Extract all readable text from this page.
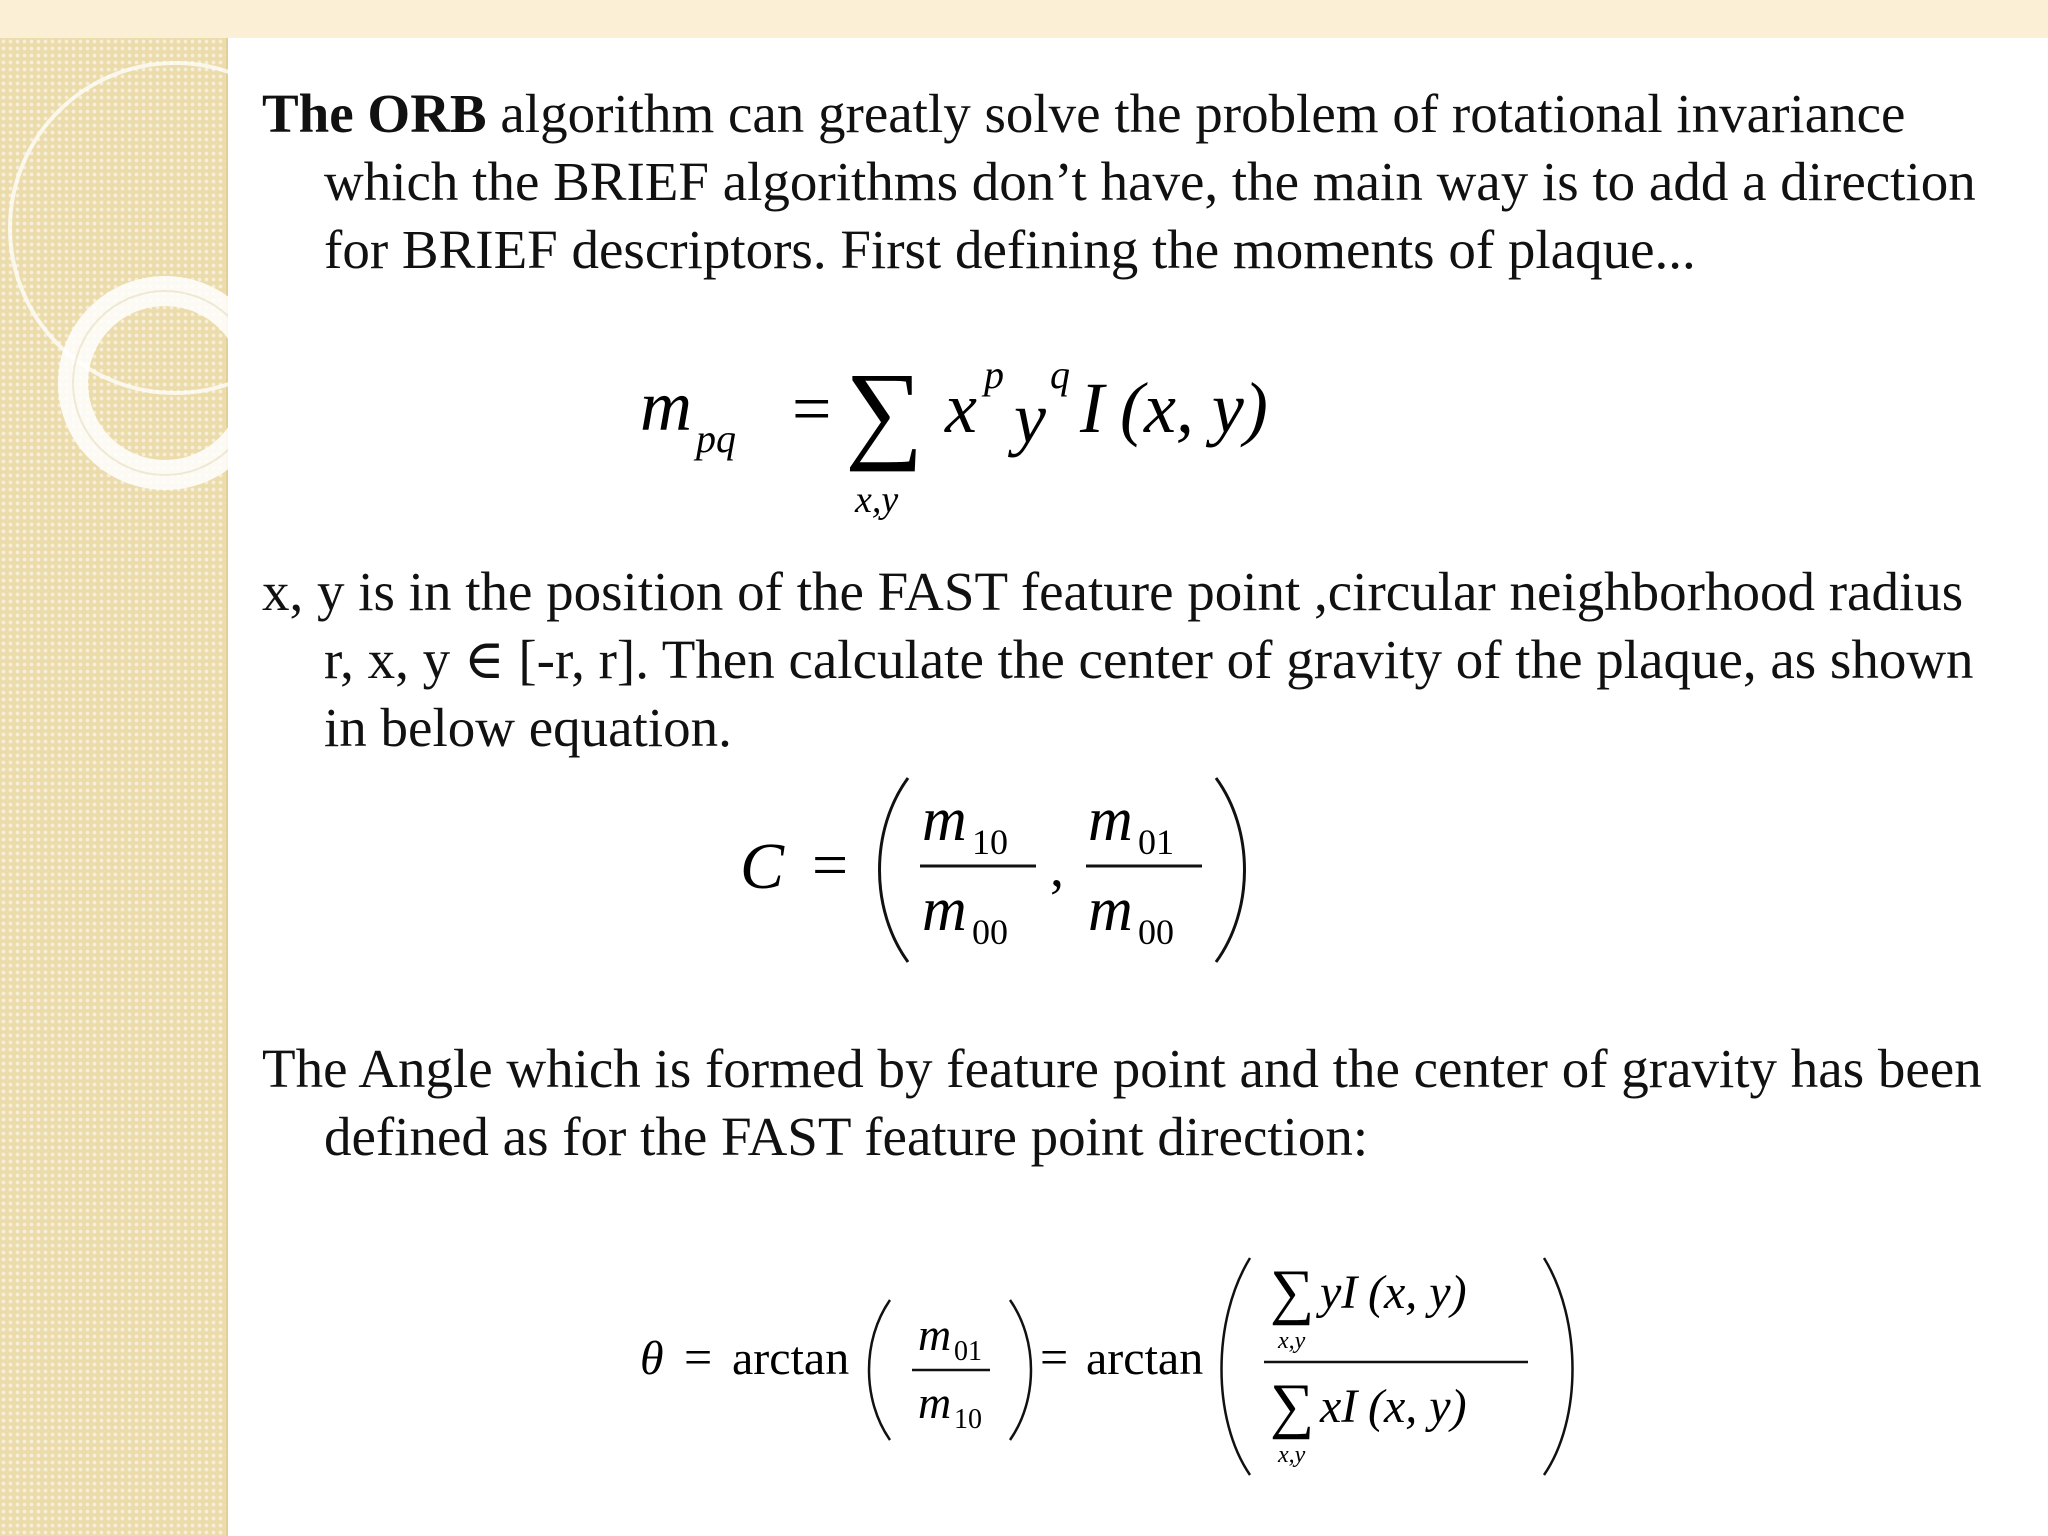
The ORB algorithm can greatly solve the problem of rotational invariance which the BRIEF algorithms don’t have, the main way is to add a direction for BRIEF descriptors. First defining the moments of plaque...

x, y is in the position of the FAST feature point ,circular neighborhood radius r, x, y ∈ [-r, r]. Then calculate the center of gravity of the plaque, as shown in below equation.

The Angle which is formed by feature point and the center of gravity has been defined as for the FAST feature point direction:

m pq = ∑
x,y
x p
y
q I (x, y)
C =
m 10
m 00
,
m 01
m 00
θ = arctan m 01
m 10
= arctan
∑
x,y
yI (x, y)
∑
x,y
xI (x, y)
